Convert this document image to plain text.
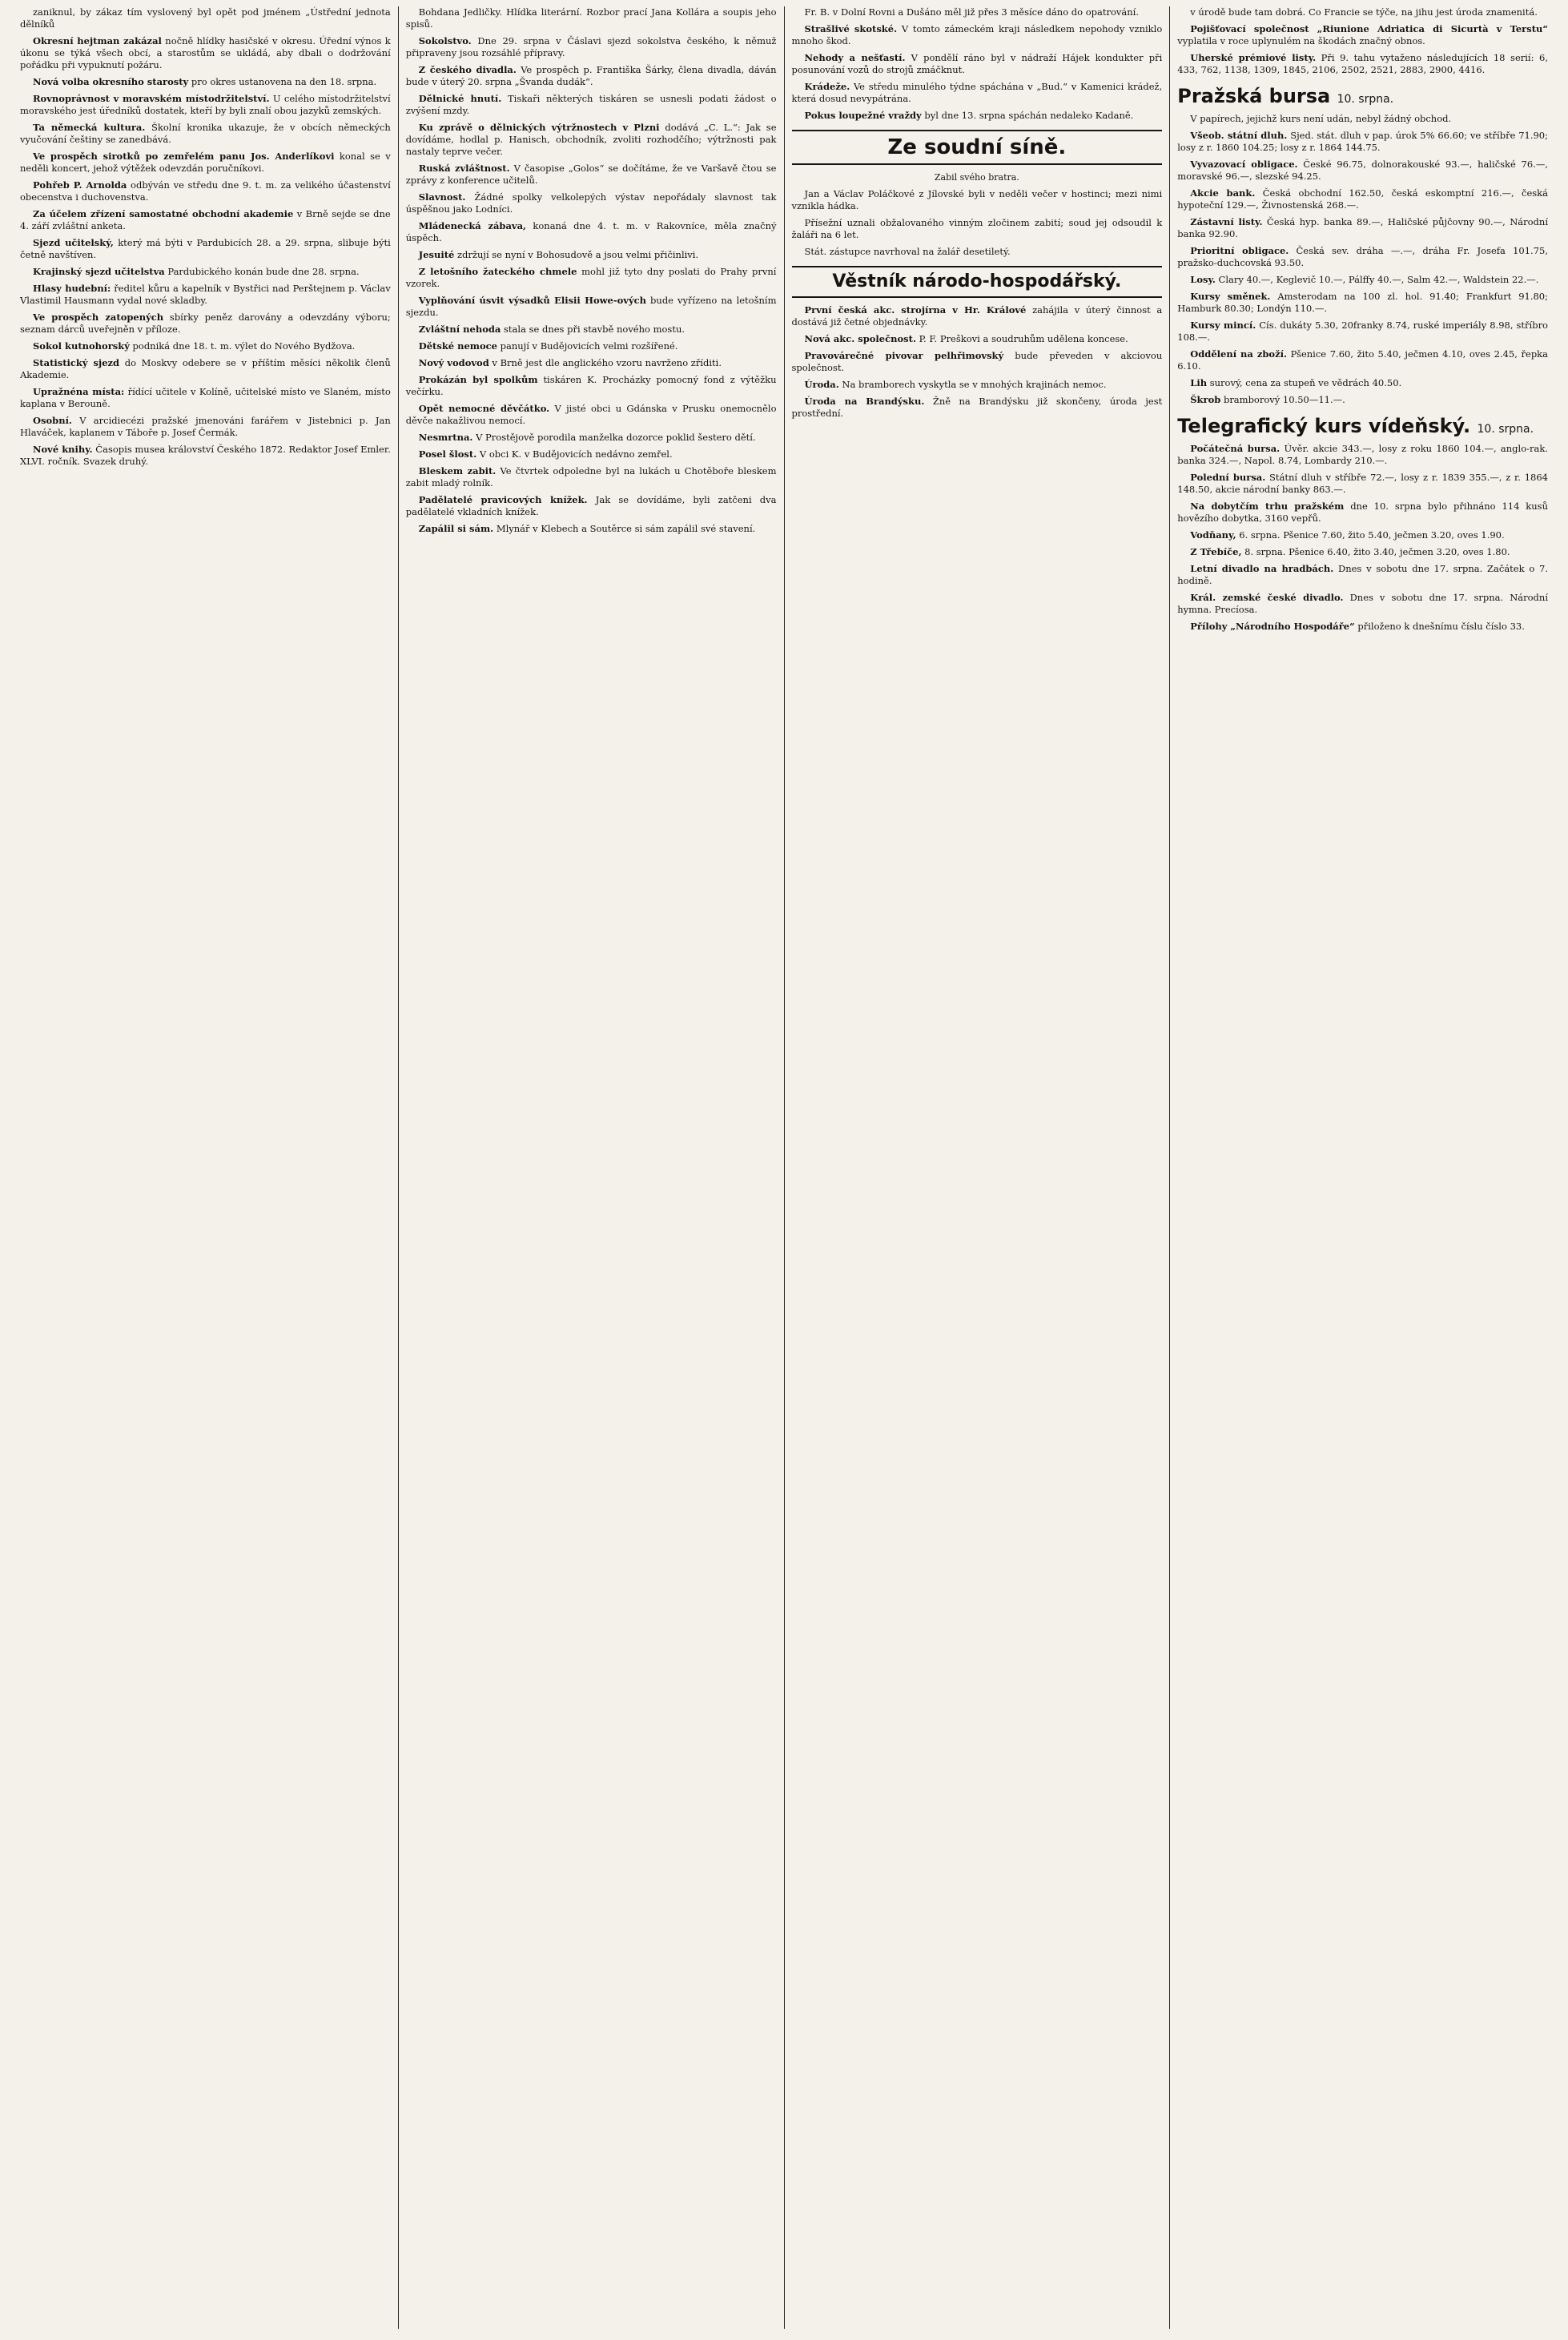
zaniknul, by zákaz tím vyslovený byl opět pod jménem „Ústřední jednota dělníků

Okresní hejtman zakázal nočně hlídky hasičské v okresu. Úřední výnos k úkonu se týká všech obcí, a starostům se ukládá, aby dbali o dodržování pořádku při vypuknutí požáru.

Nová volba okresního starosty pro okres ustanovena na den 18. srpna.

Rovnoprávnost v moravském místodržitelství. U celého místodržitelství moravského jest úředníků dostatek, kteří by byli znalí obou jazyků zemských.

Ta německá kultura. Školní kronika ukazuje, že v obcích německých vyučování češtiny se zanedbává.

Ve prospěch sirotků po zemřelém panu Jos. Anderlíkovi konal se v neděli koncert, jehož výtěžek odevzdán poručníkovi.

Pohřeb P. Arnolda odbýván ve středu dne 9. t. m. za velikého účastenství obecenstva i duchovenstva.

Za účelem zřízení samostatné obchodní akademie v Brně sejde se dne 4. září zvláštní anketa.

Sjezd učitelský, který má býti v Pardubicích 28. a 29. srpna, slibuje býti četně navštíven.

Krajinský sjezd učitelstva Pardubického konán bude dne 28. srpna.

Hlasy hudební: ředitel kůru a kapelník v Bystřici nad Perštejnem p. Václav Vlastimil Hausmann vydal nové skladby.

Ve prospěch zatopených sbírky peněz darovány a odevzdány výboru; seznam dárců uveřejněn v příloze.

Sokol kutnohorský podniká dne 18. t. m. výlet do Nového Bydžova.

Statistický sjezd do Moskvy odebere se v příštím měsíci několik členů Akademie.

Upražnéna místa: řídící učitele v Kolíně, učitelské místo ve Slaném, místo kaplana v Berouně.

Osobní. V arcidiecézi pražské jmenováni farářem v Jistebnici p. Jan Hlaváček, kaplanem v Táboře p. Josef Čermák.

Nové knihy. Časopis musea království Českého 1872. Redaktor Josef Emler. XLVI. ročník. Svazek druhý.

Bohdana Jedličky. Hlídka literární. Rozbor prací Jana Kollára a soupis jeho spisů.

Sokolstvo. Dne 29. srpna v Čáslavi sjezd sokolstva českého, k němuž připraveny jsou rozsáhlé přípravy.

Z českého divadla. Ve prospěch p. Františka Šárky, člena divadla, dáván bude v úterý 20. srpna „Švanda dudák“.

Dělnické hnutí. Tiskaři některých tiskáren se usnesli podati žádost o zvýšení mzdy.

Ku zprávě o dělnických výtržnostech v Plzni dodává „C. L.“: Jak se dovídáme, hodlal p. Hanisch, obchodník, zvoliti rozhodčího; výtržnosti pak nastaly teprve večer.

Ruská zvláštnost. V časopise „Golos“ se dočítáme, že ve Varšavě čtou se zprávy z konference učitelů.

Slavnost. Žádné spolky velkolepých výstav nepořádaly slavnost tak úspěšnou jako Lodníci.

Mládenecká zábava, konaná dne 4. t. m. v Rakovníce, měla značný úspěch.

Jesuité zdržují se nyní v Bohosudově a jsou velmi přičinlivi.

Z letošního žateckého chmele mohl již tyto dny poslati do Prahy první vzorek.

Vyplňování úsvit výsadků Elisii Howe-ových bude vyřízeno na letošním sjezdu.

Zvláštní nehoda stala se dnes při stavbě nového mostu.

Dětské nemoce panují v Budějovicích velmi rozšířené.

Nový vodovod v Brně jest dle anglického vzoru navrženo zříditi.

Prokázán byl spolkům tiskáren K. Procházky pomocný fond z výtěžku večírku.

Opět nemocné děvčátko. V jisté obci u Gdánska v Prusku onemocnělo děvče nakažlivou nemocí.

Nesmrtna. V Prostějově porodila manželka dozorce poklid šestero dětí.

Posel šlost. V obci K. v Budějovicích nedávno zemřel.

Bleskem zabit. Ve čtvrtek odpoledne byl na lukách u Chotěboře bleskem zabit mladý rolník.

Padělatelé pravicových knížek. Jak se dovídáme, byli zatčeni dva padělatelé vkladních knížek.

Zapálil si sám. Mlynář v Klebech a Soutěrce si sám zapálil své stavení.

Fr. B. v Dolní Rovni a Dušáno měl již přes 3 měsíce dáno do opatrování.

Strašlivé skotské. V tomto zámeckém kraji následkem nepohody vzniklo mnoho škod.

Nehody a nešťastí. V pondělí ráno byl v nádraží Hájek kondukter při posunování vozů do strojů zmáčknut.

Krádeže. Ve středu minulého týdne spáchána v „Bud.“ v Kamenici krádež, která dosud nevypátrána.

Pokus loupežné vraždy byl dne 13. srpna spáchán nedaleko Kadaně.

Ze soudní síně.
Zabil svého bratra.

Jan a Václav Poláčkové z Jílovské byli v neděli večer v hostinci; mezi nimi vznikla hádka.

Přísežní uznali obžalovaného vinným zločinem zabití; soud jej odsoudil k žaláři na 6 let.

Stát. zástupce navrhoval na žalář desetiletý.

Věstník národo-hospodářský.

První česká akc. strojírna v Hr. Králové zahájila v úterý činnost a dostává již četné objednávky.

Nová akc. společnost. P. F. Preškovi a soudruhům udělena koncese.

Pravovárečné pivovar pelhřimovský bude převeden v akciovou společnost.

Úroda. Na bramborech vyskytla se v mnohých krajinách nemoc.

Úroda na Brandýsku. Žně na Brandýsku již skončeny, úroda jest prostřední.

v úrodě bude tam dobrá. Co Francie se týče, na jihu jest úroda znamenitá.

Pojišťovací společnost „Riunione Adriatica di Sicurtà v Terstu“ vyplatila v roce uplynulém na škodách značný obnos.

Uherské prémiové listy. Při 9. tahu vytaženo následujících 18 serií: 6, 433, 762, 1138, 1309, 1845, 2106, 2502, 2521, 2883, 2900, 4416.

Pražská bursa 10. srpna.

V papírech, jejichž kurs není udán, nebyl žádný obchod.

Všeob. státní dluh. Sjed. stát. dluh v pap. úrok 5% 66.60; ve stříbře 71.90; losy z r. 1860 104.25; losy z r. 1864 144.75.

Vyvazovací obligace. České 96.75, dolnorakouské 93.—, haličské 76.—, moravské 96.—, slezské 94.25.

Akcie bank. Česká obchodní 162.50, česká eskomptní 216.—, česká hypoteční 129.—, Živnostenská 268.—.

Zástavní listy. Česká hyp. banka 89.—, Haličské půjčovny 90.—, Národní banka 92.90.

Prioritní obligace. Česká sev. dráha —.—, dráha Fr. Josefa 101.75, pražsko-duchcovská 93.50.

Losy. Clary 40.—, Keglevič 10.—, Pálffy 40.—, Salm 42.—, Waldstein 22.—.

Kursy směnek. Amsterodam na 100 zl. hol. 91.40; Frankfurt 91.80; Hamburk 80.30; Londýn 110.—.

Kursy mincí. Cís. dukáty 5.30, 20franky 8.74, ruské imperiály 8.98, stříbro 108.—.

Oddělení na zboží. Pšenice 7.60, žito 5.40, ječmen 4.10, oves 2.45, řepka 6.10.

Lih surový, cena za stupeň ve vědrách 40.50.

Škrob bramborový 10.50—11.—.

Telegrafický kurs vídeňský. 10. srpna.

Počátečná bursa. Úvěr. akcie 343.—, losy z roku 1860 104.—, anglo-rak. banka 324.—, Napol. 8.74, Lombardy 210.—.

Polední bursa. Státní dluh v stříbře 72.—, losy z r. 1839 355.—, z r. 1864 148.50, akcie národní banky 863.—.

Na dobytčím trhu pražském dne 10. srpna bylo přihnáno 114 kusů hovězího dobytka, 3160 vepřů.

Vodňany, 6. srpna. Pšenice 7.60, žito 5.40, ječmen 3.20, oves 1.90.

Z Třebíče, 8. srpna. Pšenice 6.40, žito 3.40, ječmen 3.20, oves 1.80.

Letní divadlo na hradbách. Dnes v sobotu dne 17. srpna. Začátek o 7. hodině.

Král. zemské české divadlo. Dnes v sobotu dne 17. srpna. Národní hymna. Precíosa.

Přílohy „Národního Hospodáře“ přiloženo k dnešnímu číslu číslo 33.
